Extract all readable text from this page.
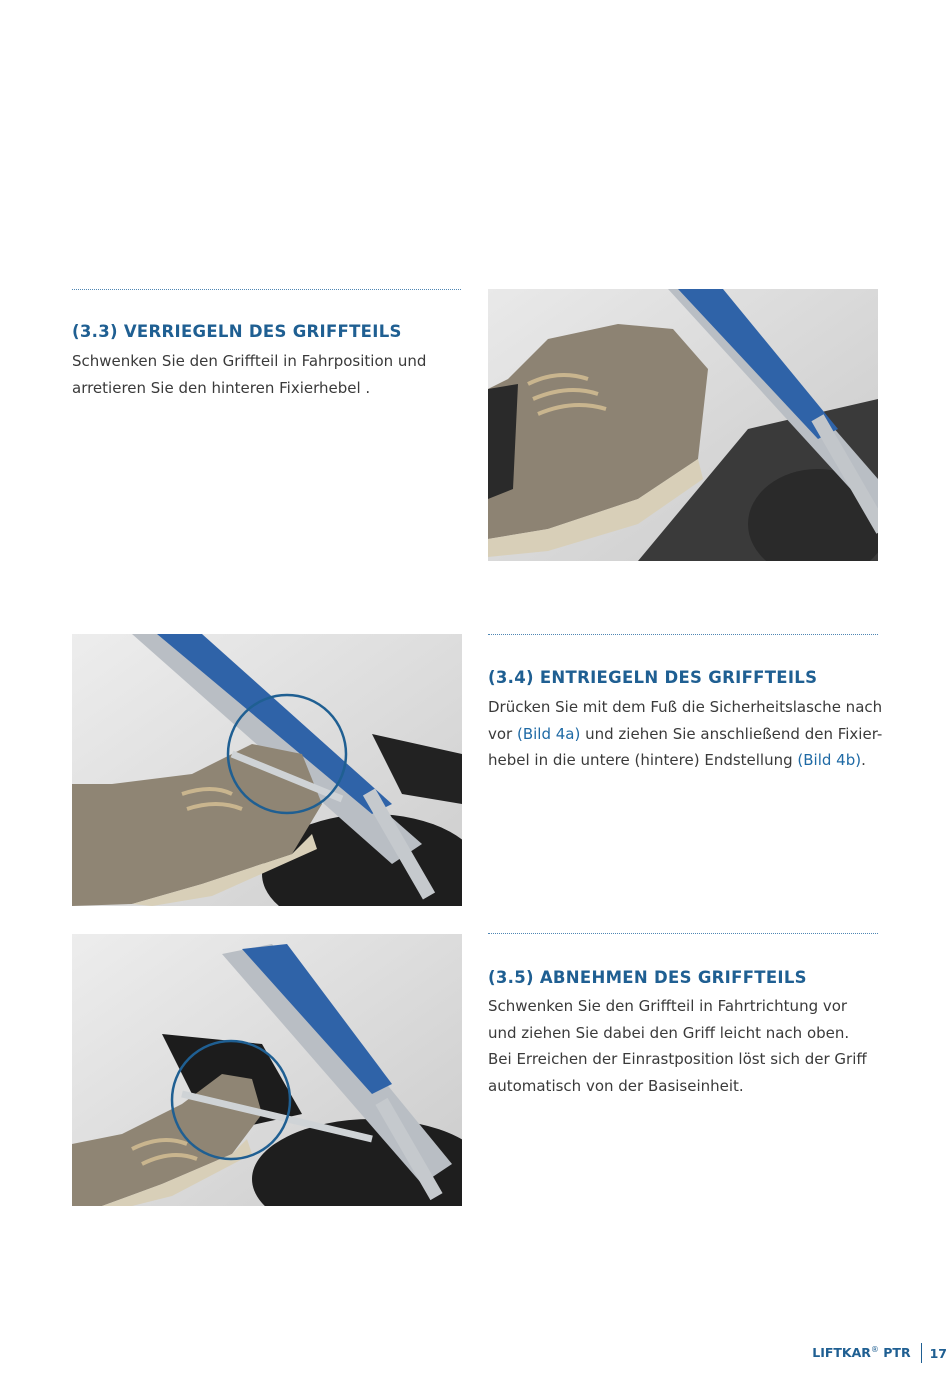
(3.3) VERRIEGELN DES GRIFFTEILS
Schwenken Sie den Griffteil in Fahrposition und
arretieren Sie den hinteren Fixierhebel .
(3.4) ENTRIEGELN DES GRIFFTEILS
Drücken Sie mit dem Fuß die Sicherheitslasche nach
vor (Bild 4a) und ziehen Sie anschließend den Fixier-
hebel in die untere (hintere) Endstellung (Bild 4b).
(3.5) ABNEHMEN DES GRIFFTEILS
Schwenken Sie den Griffteil in Fahrtrichtung vor
und ziehen Sie dabei den Griff leicht nach oben.
Bei Erreichen der Einrastposition löst sich der Griff
automatisch von der Basiseinheit.
LIFTKAR® PTR 17
